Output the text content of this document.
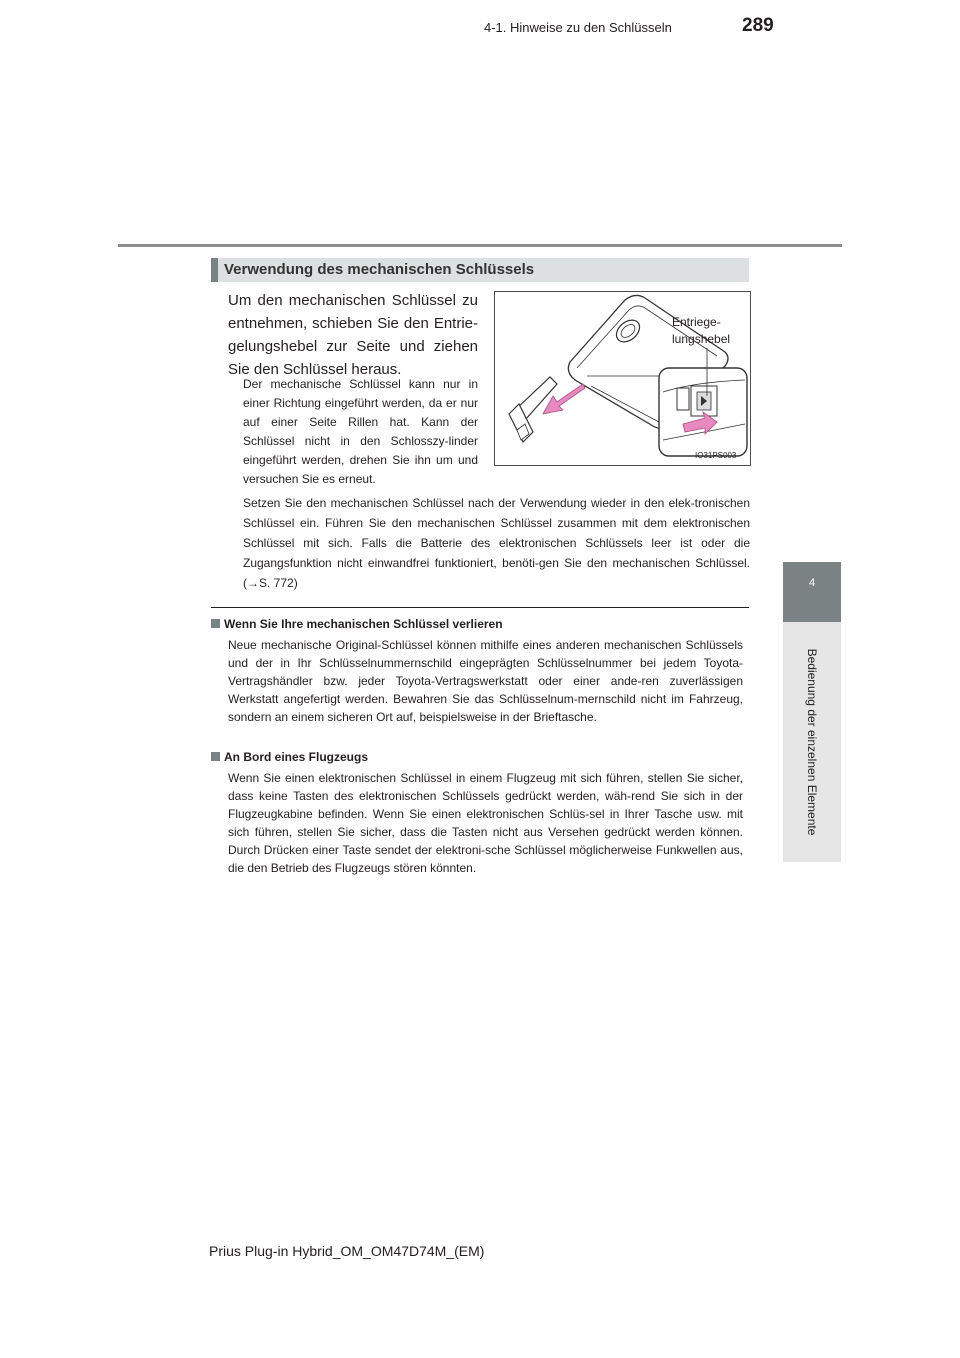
4-1. Hinweise zu den Schlüsseln	289
4
Bedienung der einzelnen Elemente
Verwendung des mechanischen Schlüssels
Um den mechanischen Schlüssel zu entnehmen, schieben Sie den Entrie-gelungshebel zur Seite und ziehen Sie den Schlüssel heraus.
Der mechanische Schlüssel kann nur in einer Richtung eingeführt werden, da er nur auf einer Seite Rillen hat. Kann der Schlüssel nicht in den Schlosszy-linder eingeführt werden, drehen Sie ihn um und versuchen Sie es erneut.
Setzen Sie den mechanischen Schlüssel nach der Verwendung wieder in den elek-tronischen Schlüssel ein. Führen Sie den mechanischen Schlüssel zusammen mit dem elektronischen Schlüssel mit sich. Falls die Batterie des elektronischen Schlüssels leer ist oder die Zugangsfunktion nicht einwandfrei funktioniert, benöti-gen Sie den mechanischen Schlüssel. (→S. 772)
Entriege-
lungshebel
IO31PS003
Wenn Sie Ihre mechanischen Schlüssel verlieren
Neue mechanische Original-Schlüssel können mithilfe eines anderen mechanischen Schlüssels und der in Ihr Schlüsselnummernschild eingeprägten Schlüsselnummer bei jedem Toyota-Vertragshändler bzw. jeder Toyota-Vertragswerkstatt oder einer ande-ren zuverlässigen Werkstatt angefertigt werden. Bewahren Sie das Schlüsselnum-mernschild nicht im Fahrzeug, sondern an einem sicheren Ort auf, beispielsweise in der Brieftasche.
An Bord eines Flugzeugs
Wenn Sie einen elektronischen Schlüssel in einem Flugzeug mit sich führen, stellen Sie sicher, dass keine Tasten des elektronischen Schlüssels gedrückt werden, wäh-rend Sie sich in der Flugzeugkabine befinden. Wenn Sie einen elektronischen Schlüs-sel in Ihrer Tasche usw. mit sich führen, stellen Sie sicher, dass die Tasten nicht aus Versehen gedrückt werden können. Durch Drücken einer Taste sendet der elektroni-sche Schlüssel möglicherweise Funkwellen aus, die den Betrieb des Flugzeugs stören könnten.
Prius Plug-in Hybrid_OM_OM47D74M_(EM)
